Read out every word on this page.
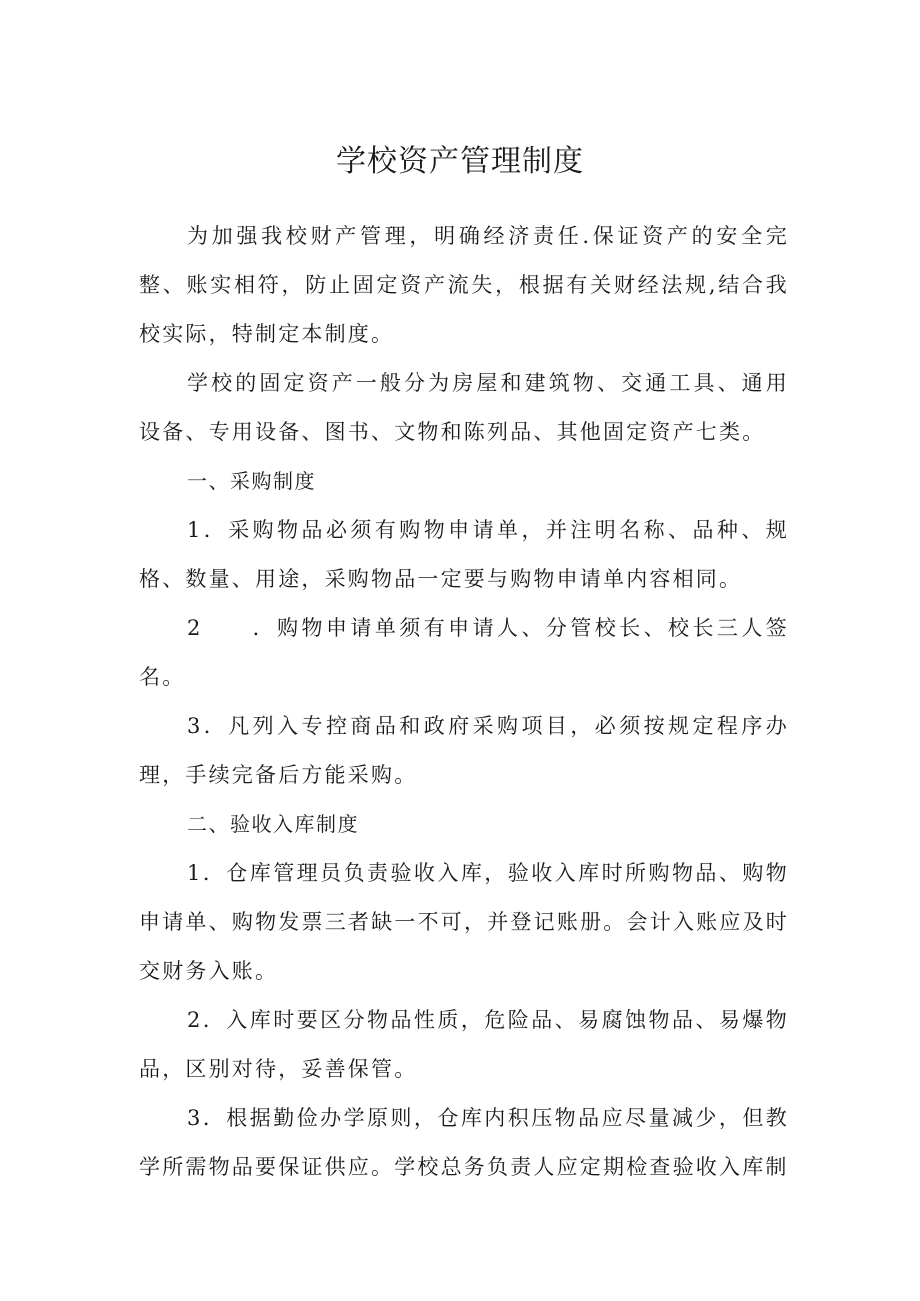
学校资产管理制度

为加强我校财产管理，明确经济责任.保证资产的安全完整、账实相符，防止固定资产流失，根据有关财经法规,结合我校实际，特制定本制度。

学校的固定资产一般分为房屋和建筑物、交通工具、通用设备、专用设备、图书、文物和陈列品、其他固定资产七类。

一、采购制度

1．采购物品必须有购物申请单，并注明名称、品种、规格、数量、用途，采购物品一定要与购物申请单内容相同。

2　　．购物申请单须有申请人、分管校长、校长三人签名。

3．凡列入专控商品和政府采购项目，必须按规定程序办理，手续完备后方能采购。

二、验收入库制度

1．仓库管理员负责验收入库，验收入库时所购物品、购物申请单、购物发票三者缺一不可，并登记账册。会计入账应及时交财务入账。

2．入库时要区分物品性质，危险品、易腐蚀物品、易爆物品，区别对待，妥善保管。

3．根据勤俭办学原则，仓库内积压物品应尽量减少，但教学所需物品要保证供应。学校总务负责人应定期检查验收入库制
